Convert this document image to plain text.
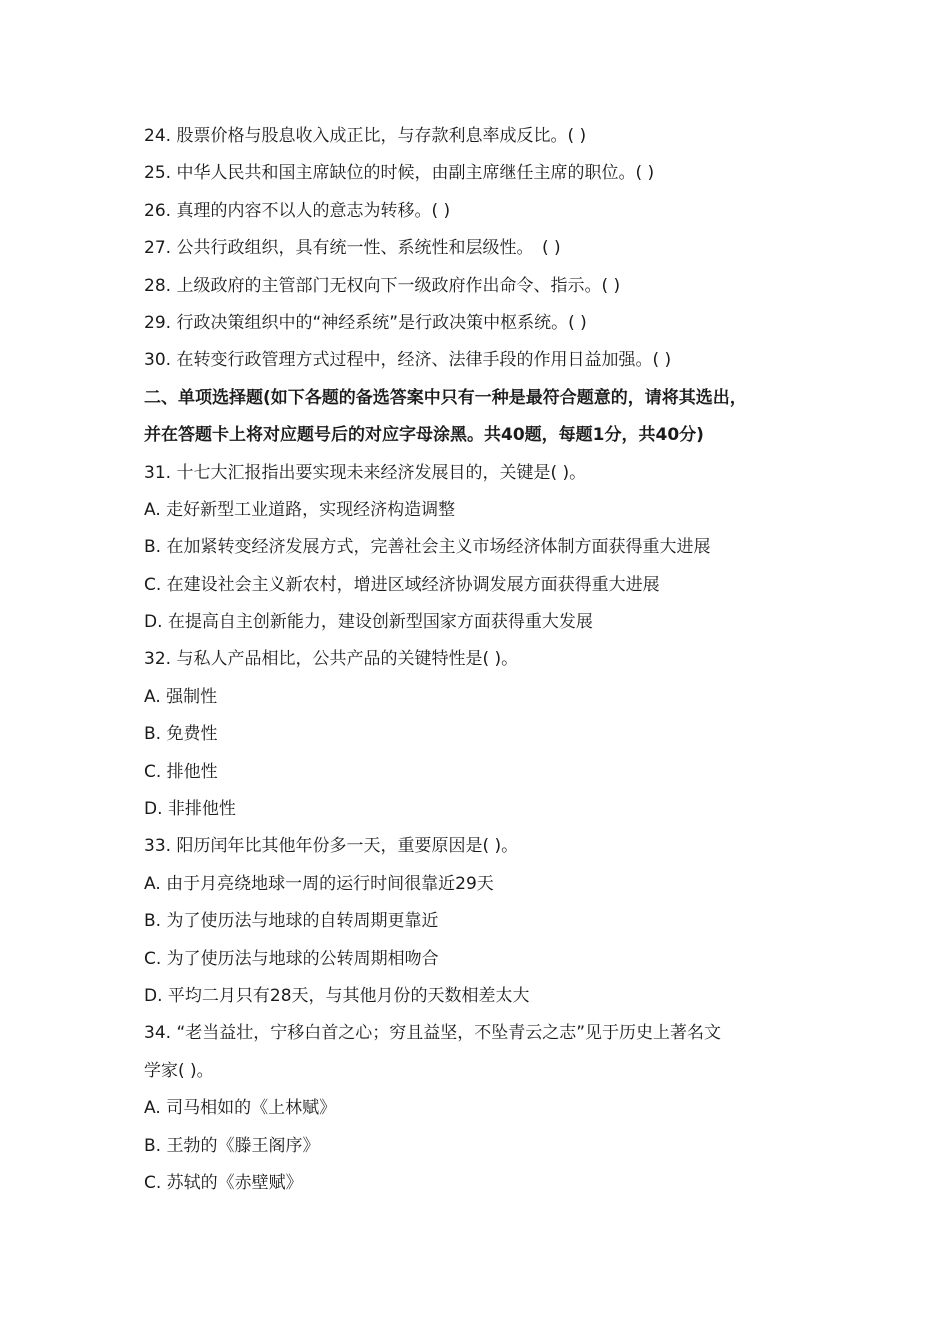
24. 股票价格与股息收入成正比，与存款利息率成反比。( )
25. 中华人民共和国主席缺位的时候，由副主席继任主席的职位。( )
26. 真理的内容不以人的意志为转移。( )
27. 公共行政组织，具有统一性、系统性和层级性。　( )
28. 上级政府的主管部门无权向下一级政府作出命令、指示。( )
29. 行政决策组织中的“神经系统”是行政决策中枢系统。( )
30. 在转变行政管理方式过程中，经济、法律手段的作用日益加强。( )
二、单项选择题(如下各题的备选答案中只有一种是最符合题意的，请将其选出，
并在答题卡上将对应题号后的对应字母涂黑。共40题，每题1分，共40分)
31. 十七大汇报指出要实现未来经济发展目的，关键是( )。
A. 走好新型工业道路，实现经济构造调整
B. 在加紧转变经济发展方式，完善社会主义市场经济体制方面获得重大进展
C. 在建设社会主义新农村，增进区域经济协调发展方面获得重大进展
D. 在提高自主创新能力，建设创新型国家方面获得重大发展
32. 与私人产品相比，公共产品的关键特性是( )。
A. 强制性
B. 免费性
C. 排他性
D. 非排他性
33. 阳历闰年比其他年份多一天，重要原因是( )。
A. 由于月亮绕地球一周的运行时间很靠近29天
B. 为了使历法与地球的自转周期更靠近
C. 为了使历法与地球的公转周期相吻合
D. 平均二月只有28天，与其他月份的天数相差太大
34. “老当益壮，宁移白首之心；穷且益坚，不坠青云之志”见于历史上著名文
学家( )。
A. 司马相如的《上林赋》
B. 王勃的《滕王阁序》
C. 苏轼的《赤壁赋》
